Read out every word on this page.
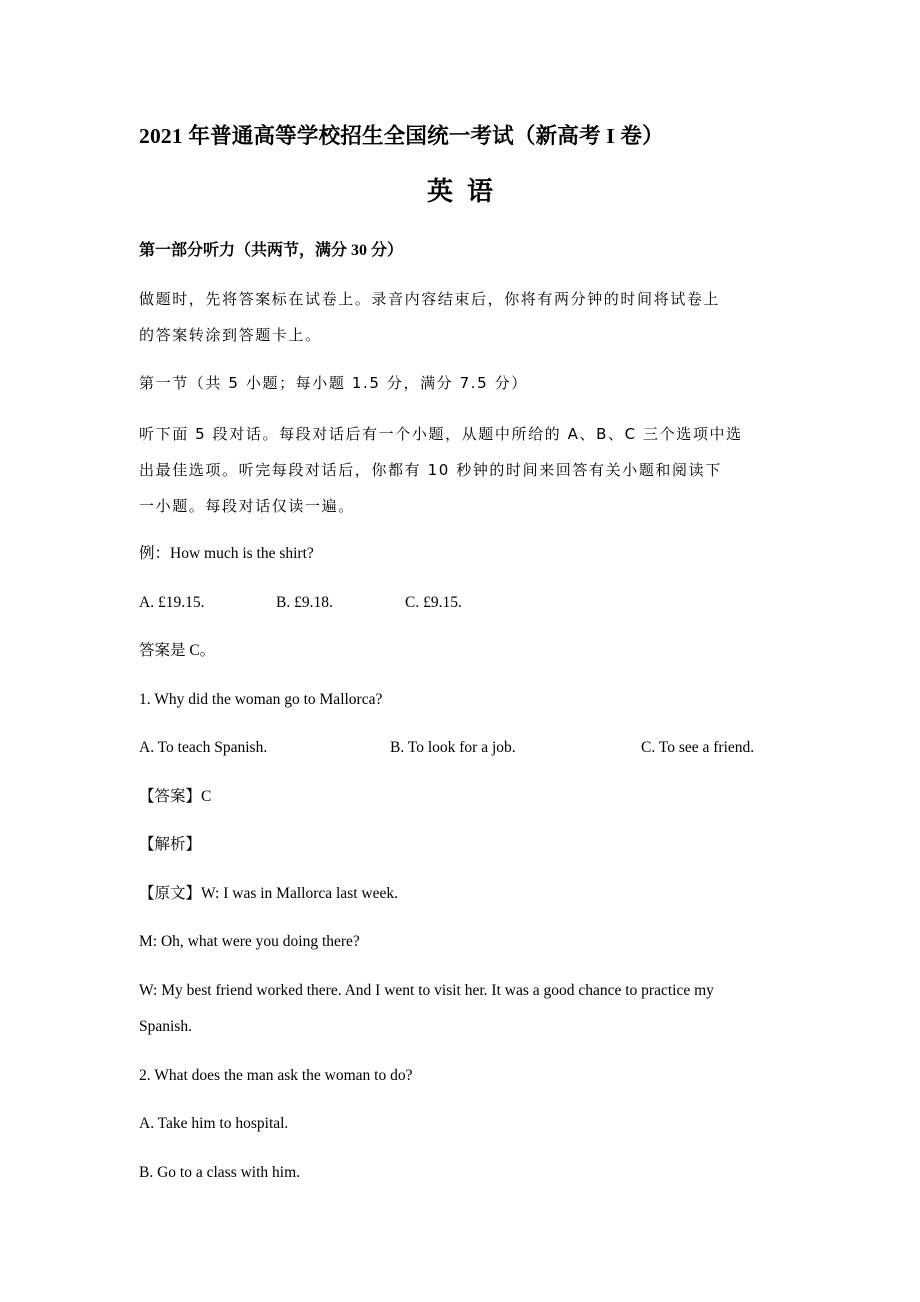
2021 年普通高等学校招生全国统一考试（新高考 I 卷）
英语
第一部分听力（共两节，满分 30 分）
做题时，先将答案标在试卷上。录音内容结束后，你将有两分钟的时间将试卷上
的答案转涂到答题卡上。
第一节（共 5 小题；每小题 1.5 分，满分 7.5 分）
听下面 5 段对话。每段对话后有一个小题，从题中所给的 A、B、C 三个选项中选
出最佳选项。听完每段对话后，你都有 10 秒钟的时间来回答有关小题和阅读下
一小题。每段对话仅读一遍。
例：How much is the shirt?
A. £19.15.	B. £9.18.	C. £9.15.
答案是 C。
1. Why did the woman go to Mallorca?
A. To teach Spanish.	B. To look for a job.	C. To see a friend.
【答案】C
【解析】
【原文】W: I was in Mallorca last week.
M: Oh, what were you doing there?
W: My best friend worked there. And I went to visit her. It was a good chance to practice my
Spanish.
2. What does the man ask the woman to do?
A. Take him to hospital.
B. Go to a class with him.
